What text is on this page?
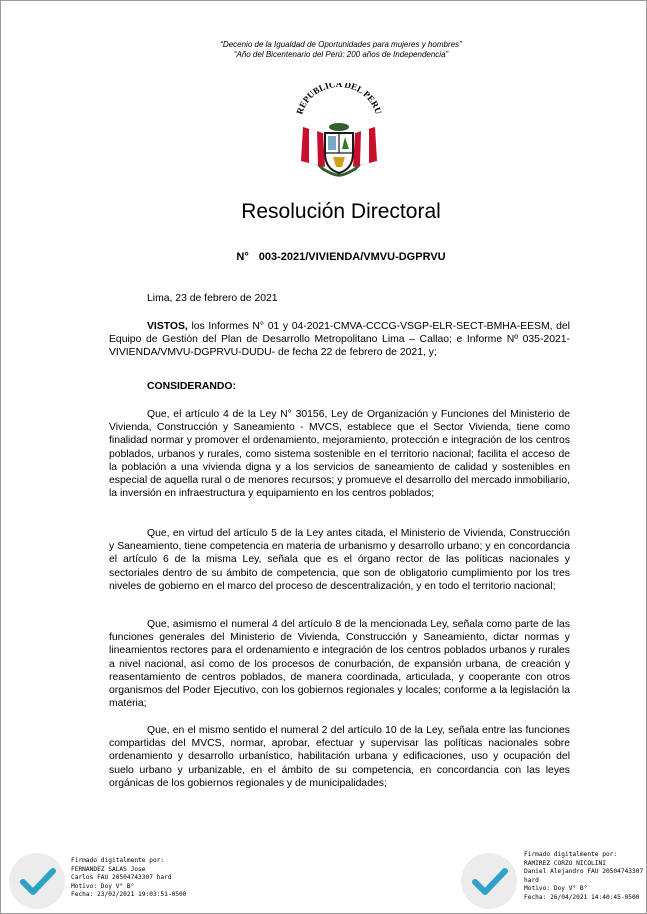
“Decenio de la Igualdad de Oportunidades para mujeres y hombres”
“Año del Bicentenario del Perú: 200 años de Independencia”
REPUBLICA DEL PERU
Resolución Directoral
N° 003-2021/VIVIENDA/VMVU-DGPRVU
Lima, 23 de febrero de 2021
VISTOS, los Informes N° 01 y 04-2021-CMVA-CCCG-VSGP-ELR-SECT-BMHA-EESM, del Equipo de Gestión del Plan de Desarrollo Metropolitano Lima – Callao; e Informe Nº 035-2021-VIVIENDA/VMVU-DGPRVU-DUDU- de fecha 22 de febrero de 2021, y;
CONSIDERANDO:
Que, el artículo 4 de la Ley N° 30156, Ley de Organización y Funciones del Ministerio de Vivienda, Construcción y Saneamiento - MVCS, establece que el Sector Vivienda, tiene como finalidad normar y promover el ordenamiento, mejoramiento, protección e integración de los centros poblados, urbanos y rurales, como sistema sostenible en el territorio nacional; facilita el acceso de la población a una vivienda digna y a los servicios de saneamiento de calidad y sostenibles en especial de aquella rural o de menores recursos; y promueve el desarrollo del mercado inmobiliario, la inversión en infraestructura y equipamiento en los centros poblados;
Que, en virtud del artículo 5 de la Ley antes citada, el Ministerio de Vivienda, Construcción y Saneamiento, tiene competencia en materia de urbanismo y desarrollo urbano; y en concordancia el artículo 6 de la misma Ley, señala que es el órgano rector de las políticas nacionales y sectoriales dentro de su ámbito de competencia, que son de obligatorio cumplimiento por los tres niveles de gobierno en el marco del proceso de descentralización, y en todo el territorio nacional;
Que, asimismo el numeral 4 del artículo 8 de la mencionada Ley, señala como parte de las funciones generales del Ministerio de Vivienda, Construcción y Saneamiento, dictar normas y lineamientos rectores para el ordenamiento e integración de los centros poblados urbanos y rurales a nivel nacional, así como de los procesos de conurbación, de expansión urbana, de creación y reasentamiento de centros poblados, de manera coordinada, articulada, y cooperante con otros organismos del Poder Ejecutivo, con los gobiernos regionales y locales; conforme a la legislación la materia;
Que, en el mismo sentido el numeral 2 del artículo 10 de la Ley, señala entre las funciones compartidas del MVCS, normar, aprobar, efectuar y supervisar las políticas nacionales sobre ordenamiento y desarrollo urbanístico, habilitación urbana y edificaciones, uso y ocupación del suelo urbano y urbanizable, en el ámbito de su competencia, en concordancia con las leyes orgánicas de los gobiernos regionales y de municipalidades;
Firmado digitalmente por:
FERNANDEZ SALAS Jose
Carlos FAU 20504743307 hard
Motivo: Doy V° B°
Fecha: 23/02/2021 19:03:51-0500
Firmado digitalmente por:
RAMIREZ CORZO NICOLINI
Daniel Alejandro FAU 20504743307
hard
Motivo: Doy V° B°
Fecha: 26/04/2021 14:40:45-0500
